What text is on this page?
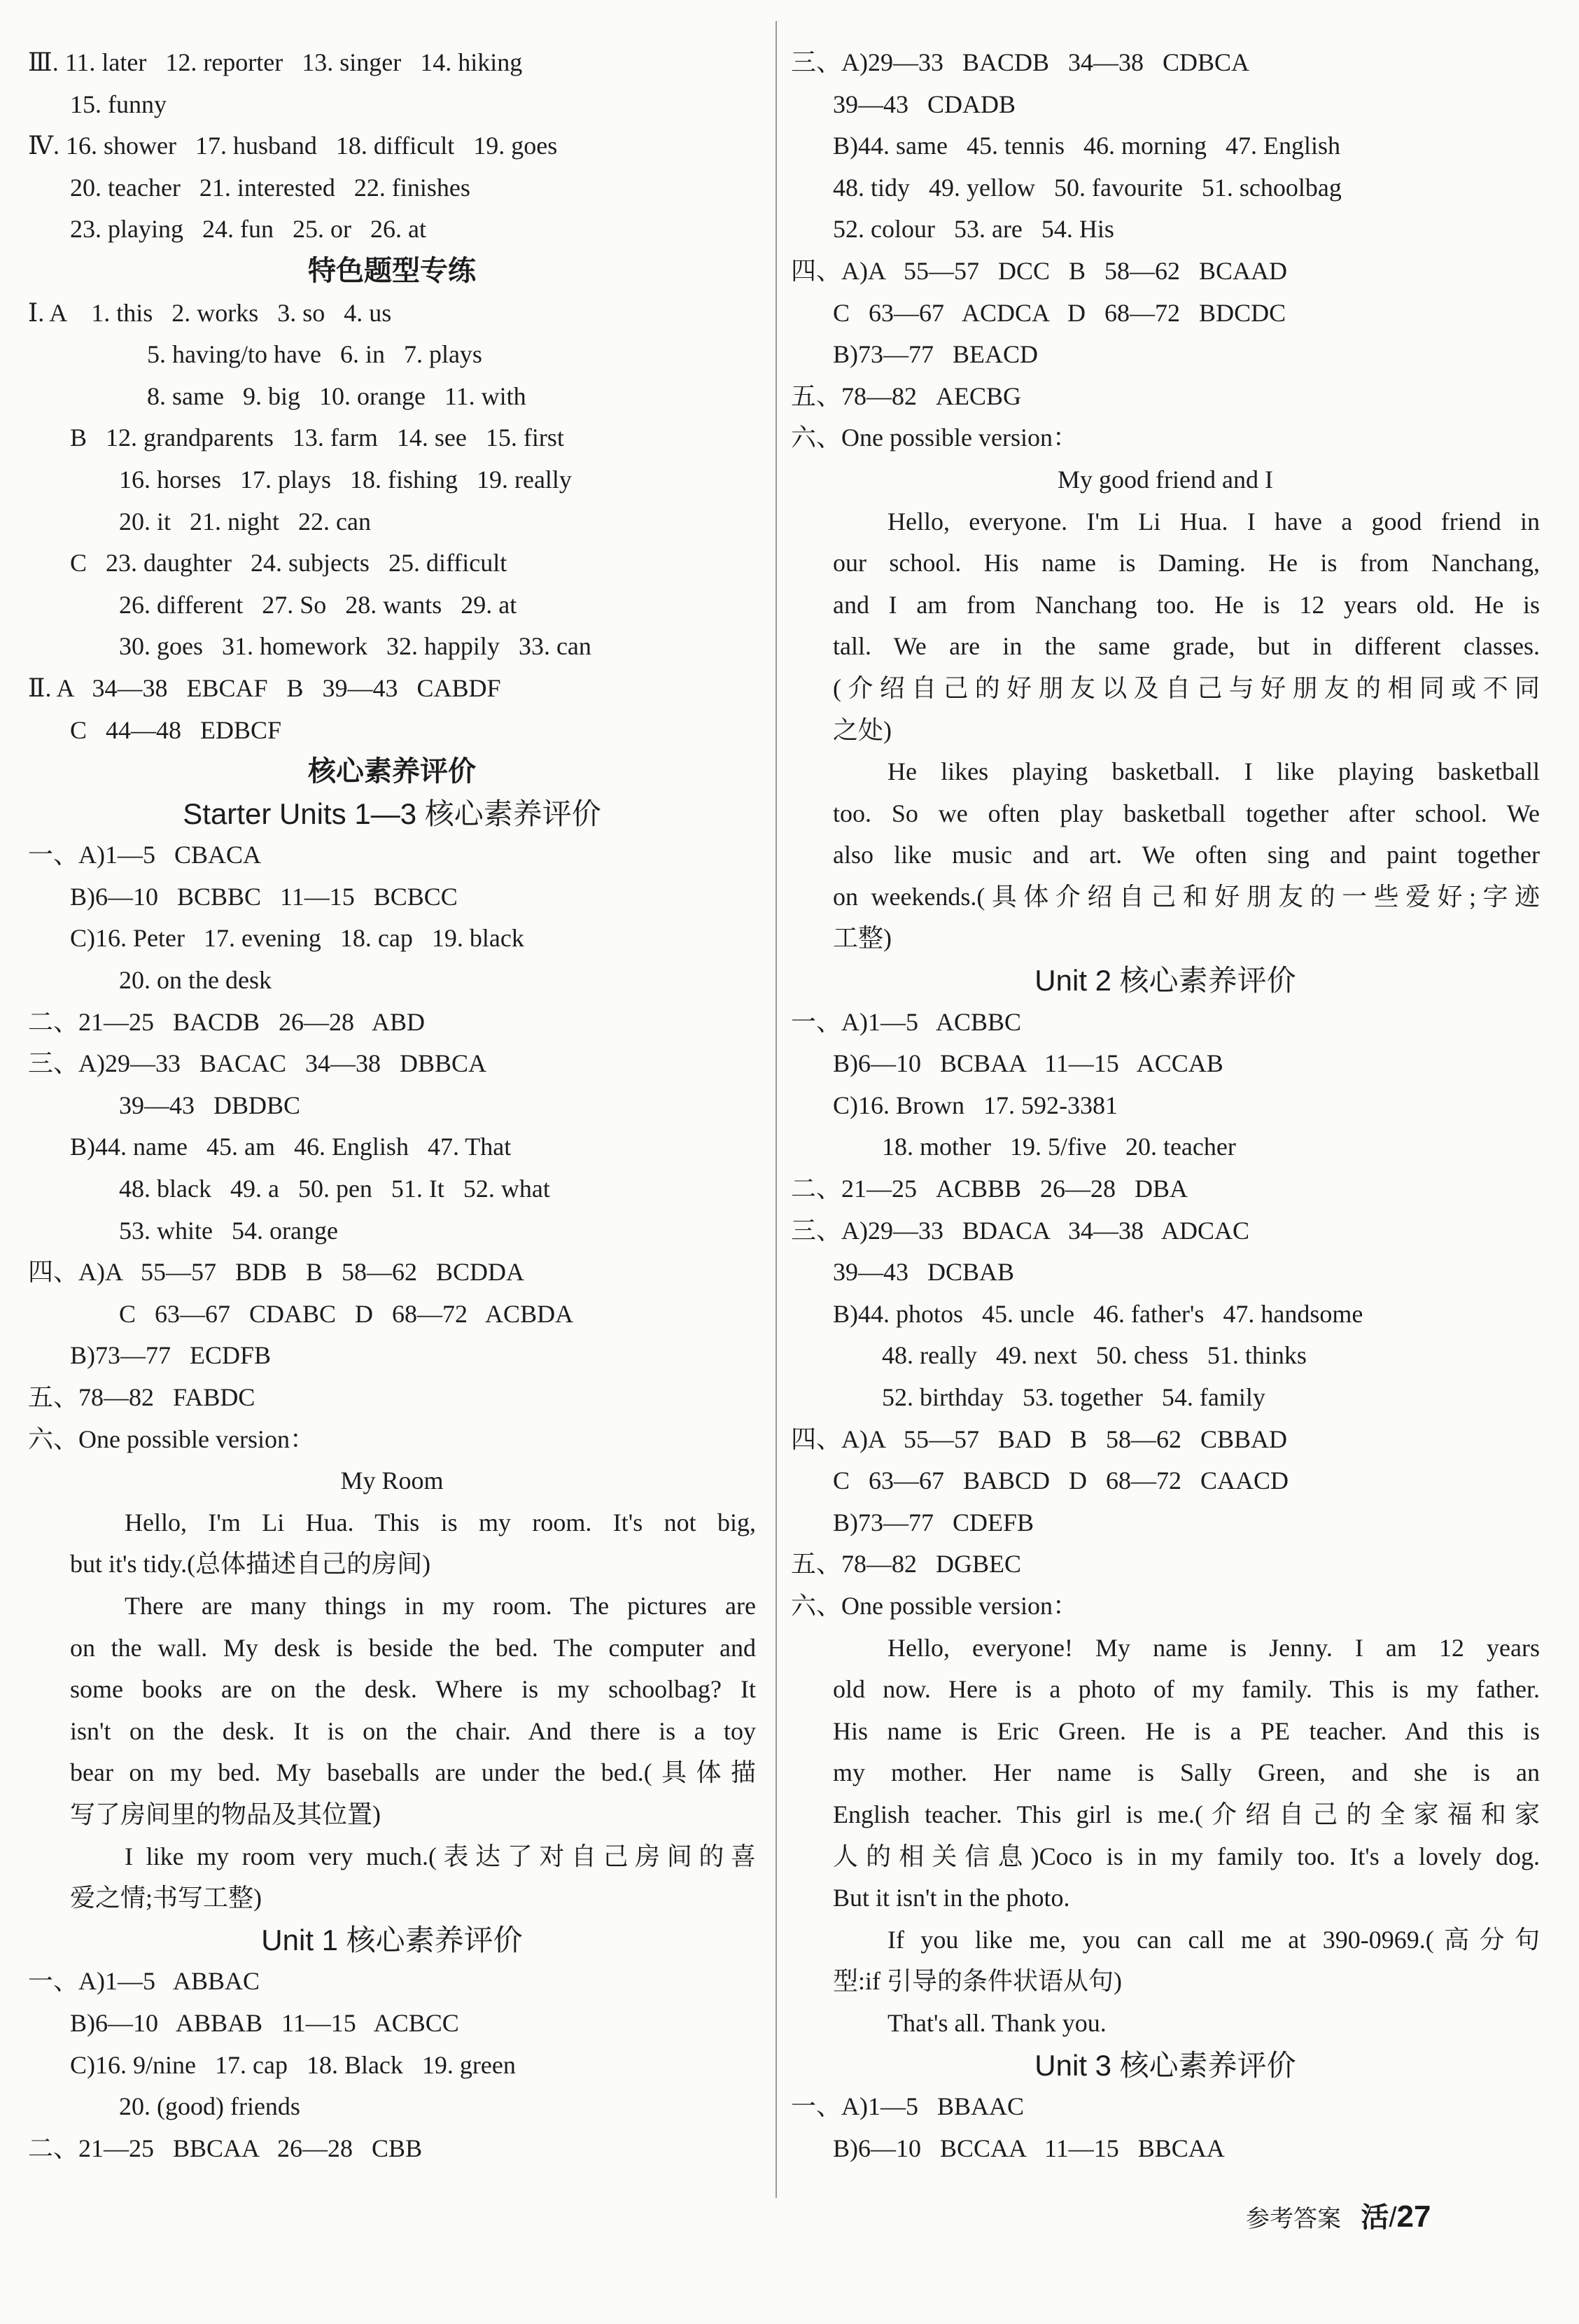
Ⅲ. 11. later   12. reporter   13. singer   14. hiking
15. funny
Ⅳ. 16. shower   17. husband   18. difficult   19. goes
20. teacher   21. interested   22. finishes
23. playing   24. fun   25. or   26. at
特色题型专练
Ⅰ. A    1. this   2. works   3. so   4. us
5. having/to have   6. in   7. plays
8. same   9. big   10. orange   11. with
B   12. grandparents   13. farm   14. see   15. first
16. horses   17. plays   18. fishing   19. really
20. it   21. night   22. can
C   23. daughter   24. subjects   25. difficult
26. different   27. So   28. wants   29. at
30. goes   31. homework   32. happily   33. can
Ⅱ. A   34—38   EBCAF   B   39—43   CABDF
C   44—48   EDBCF
核心素养评价
Starter Units 1—3 核心素养评价
一、A)1—5   CBACA
B)6—10   BCBBC   11—15   BCBCC
C)16. Peter   17. evening   18. cap   19. black
20. on the desk
二、21—25   BACDB   26—28   ABD
三、A)29—33   BACAC   34—38   DBBCA
39—43   DBDBC
B)44. name   45. am   46. English   47. That
48. black   49. a   50. pen   51. It   52. what
53. white   54. orange
四、A)A   55—57   BDB   B   58—62   BCDDA
C   63—67   CDABC   D   68—72   ACBDA
B)73—77   ECDFB
五、78—82   FABDC
六、One possible version：
My Room
Hello, I'm Li Hua. This is my room. It's not big,
but it's tidy.(总体描述自己的房间)
There are many things in my room. The pictures are
on the wall. My desk is beside the bed. The computer and
some books are on the desk. Where is my schoolbag? It
isn't on the desk. It is on the chair. And there is a toy
bear on my bed. My baseballs are under the bed.(具体描
写了房间里的物品及其位置)
I like my room very much.(表达了对自己房间的喜
爱之情;书写工整)
Unit 1 核心素养评价
一、A)1—5   ABBAC
B)6—10   ABBAB   11—15   ACBCC
C)16. 9/nine   17. cap   18. Black   19. green
20. (good) friends
二、21—25   BBCAA   26—28   CBB
三、A)29—33   BACDB   34—38   CDBCA
39—43   CDADB
B)44. same   45. tennis   46. morning   47. English
48. tidy   49. yellow   50. favourite   51. schoolbag
52. colour   53. are   54. His
四、A)A   55—57   DCC   B   58—62   BCAAD
C   63—67   ACDCA   D   68—72   BDCDC
B)73—77   BEACD
五、78—82   AECBG
六、One possible version：
My good friend and I
Hello, everyone. I'm Li Hua. I have a good friend in
our school. His name is Daming. He is from Nanchang,
and I am from Nanchang too. He is 12 years old. He is
tall. We are in the same grade, but in different classes.
(介绍自己的好朋友以及自己与好朋友的相同或不同
之处)
He likes playing basketball. I like playing basketball
too. So we often play basketball together after school. We
also like music and art. We often sing and paint together
on weekends.(具体介绍自己和好朋友的一些爱好;字迹
工整)
Unit 2 核心素养评价
一、A)1—5   ACBBC
B)6—10   BCBAA   11—15   ACCAB
C)16. Brown   17. 592-3381
18. mother   19. 5/five   20. teacher
二、21—25   ACBBB   26—28   DBA
三、A)29—33   BDACA   34—38   ADCAC
39—43   DCBAB
B)44. photos   45. uncle   46. father's   47. handsome
48. really   49. next   50. chess   51. thinks
52. birthday   53. together   54. family
四、A)A   55—57   BAD   B   58—62   CBBAD
C   63—67   BABCD   D   68—72   CAACD
B)73—77   CDEFB
五、78—82   DGBEC
六、One possible version：
Hello, everyone! My name is Jenny. I am 12 years
old now. Here is a photo of my family. This is my father.
His name is Eric Green. He is a PE teacher. And this is
my mother. Her name is Sally Green, and she is an
English teacher. This girl is me.(介绍自己的全家福和家
人的相关信息)Coco is in my family too. It's a lovely dog.
But it isn't in the photo.
If you like me, you can call me at 390-0969.(高分句
型:if 引导的条件状语从句)
That's all. Thank you.
Unit 3 核心素养评价
一、A)1—5   BBAAC
B)6—10   BCCAA   11—15   BBCAA
参考答案 活/27
